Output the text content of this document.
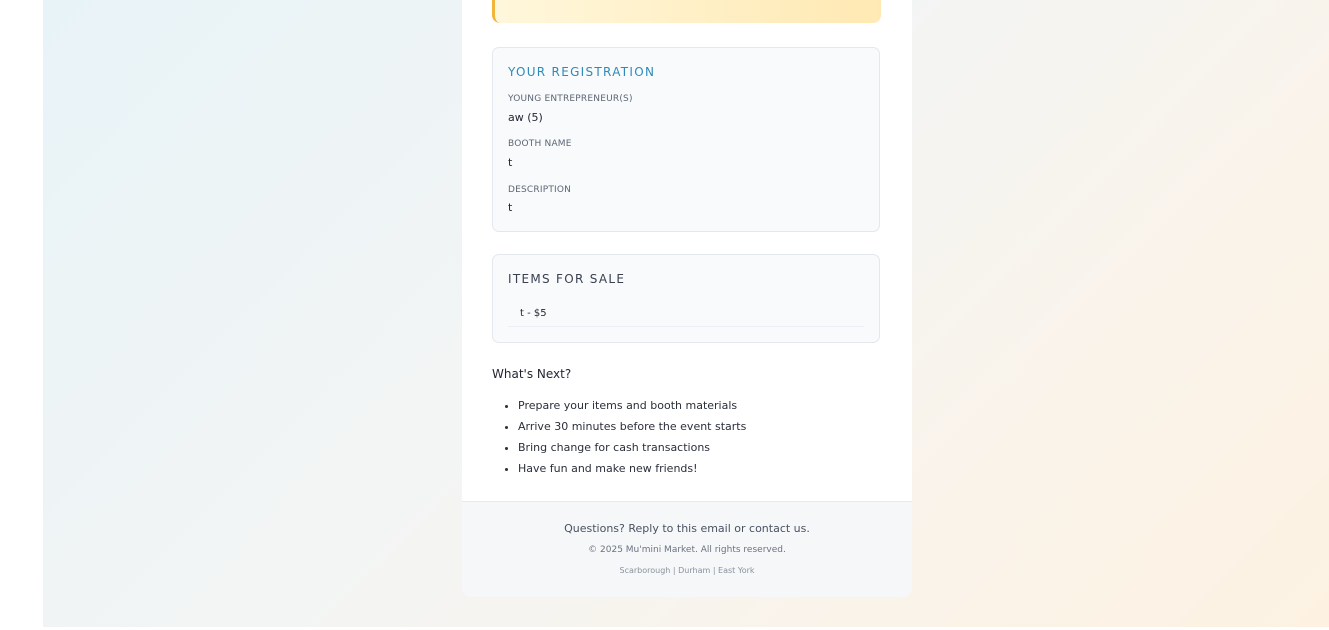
YOUR REGISTRATION
YOUNG ENTREPRENEUR(S)
aw (5)
BOOTH NAME
t
DESCRIPTION
t
ITEMS FOR SALE
t - $5
What's Next?
• Prepare your items and booth materials
• Arrive 30 minutes before the event starts
• Bring change for cash transactions
• Have fun and make new friends!
Questions? Reply to this email or contact us.
© 2025 Mu'mini Market. All rights reserved.
Scarborough | Durham | East York
